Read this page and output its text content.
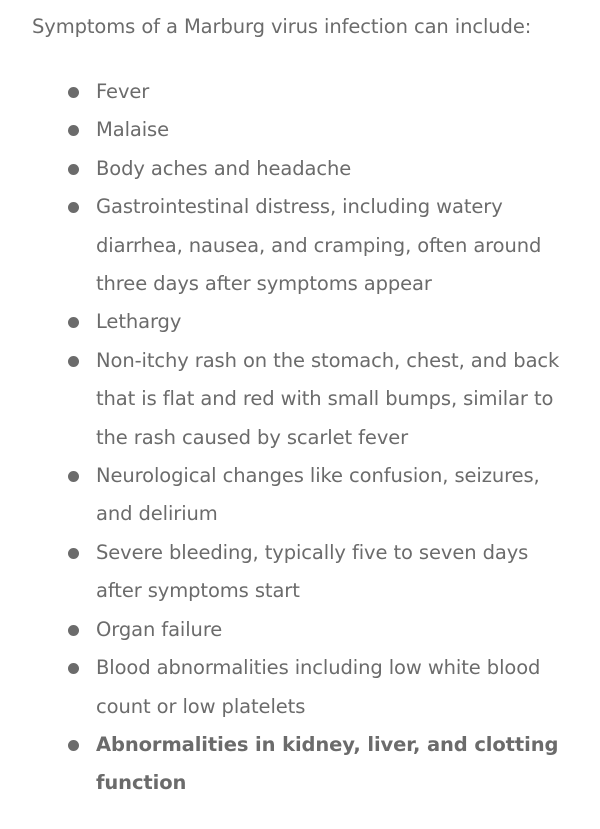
Symptoms of a Marburg virus infection can include:

Fever
Malaise
Body aches and headache
Gastrointestinal distress, including watery diarrhea, nausea, and cramping, often around three days after symptoms appear
Lethargy
Non-itchy rash on the stomach, chest, and back that is flat and red with small bumps, similar to the rash caused by scarlet fever
Neurological changes like confusion, seizures, and delirium
Severe bleeding, typically five to seven days after symptoms start
Organ failure
Blood abnormalities including low white blood count or low platelets
Abnormalities in kidney, liver, and clotting function
